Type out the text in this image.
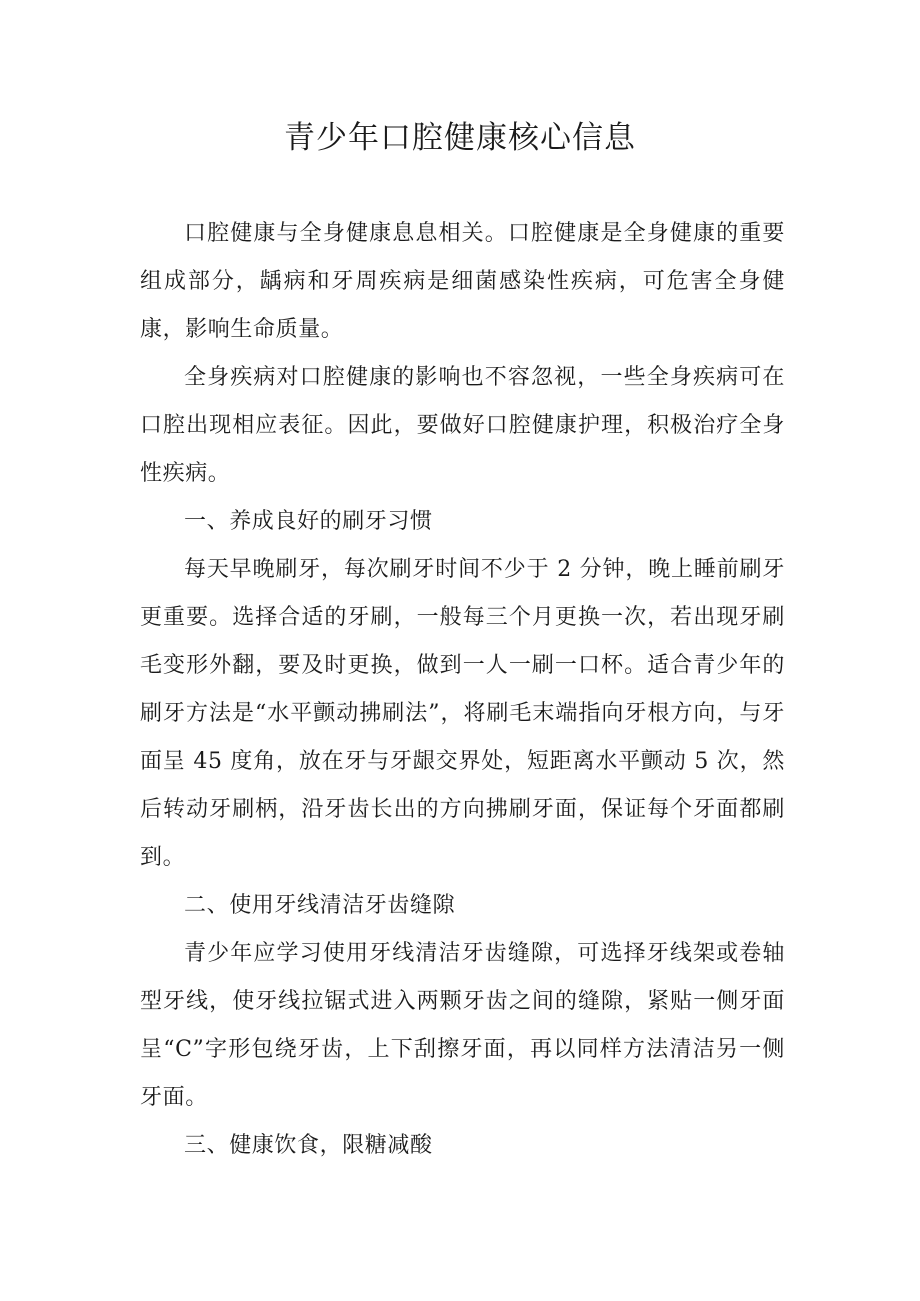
青少年口腔健康核心信息

口腔健康与全身健康息息相关。口腔健康是全身健康的重要组成部分，龋病和牙周疾病是细菌感染性疾病，可危害全身健康，影响生命质量。

全身疾病对口腔健康的影响也不容忽视，一些全身疾病可在口腔出现相应表征。因此，要做好口腔健康护理，积极治疗全身性疾病。

一、养成良好的刷牙习惯

每天早晚刷牙，每次刷牙时间不少于 2 分钟，晚上睡前刷牙更重要。选择合适的牙刷，一般每三个月更换一次，若出现牙刷毛变形外翻，要及时更换，做到一人一刷一口杯。适合青少年的刷牙方法是“水平颤动拂刷法”，将刷毛末端指向牙根方向，与牙面呈 45 度角，放在牙与牙龈交界处，短距离水平颤动 5 次，然后转动牙刷柄，沿牙齿长出的方向拂刷牙面，保证每个牙面都刷到。

二、使用牙线清洁牙齿缝隙

青少年应学习使用牙线清洁牙齿缝隙，可选择牙线架或卷轴型牙线，使牙线拉锯式进入两颗牙齿之间的缝隙，紧贴一侧牙面呈“C”字形包绕牙齿，上下刮擦牙面，再以同样方法清洁另一侧牙面。

三、健康饮食，限糖减酸
